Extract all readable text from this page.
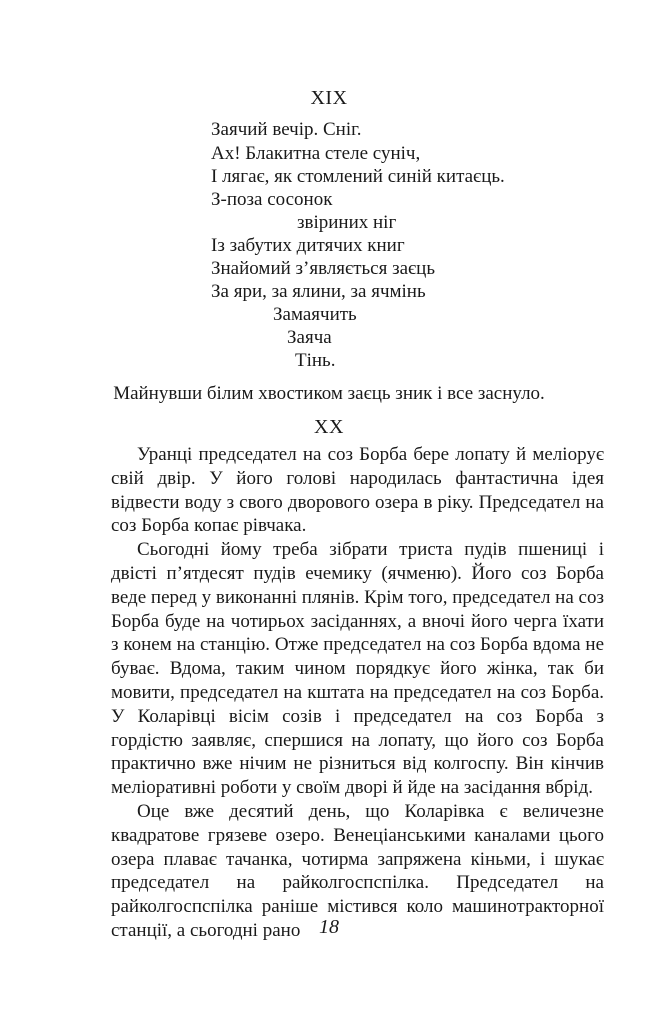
XIX
Заячий вечір. Сніг.
Ах! Блакитна стеле суніч,
І лягає, як стомлений синій китаєць.
З-поза сосонок
звіриних ніг
Із забутих дитячих книг
Знайомий з’являється заєць
За яри, за ялини, за ячмінь
Замаячить
Заяча
Тінь.
Майнувши білим хвостиком заєць зник і все заснуло.
XX

Уранці председател на соз Борба бере лопату й меліорує свій двір. У його голові народилась фантастична ідея відвести воду з свого дворового озера в ріку. Председател на соз Борба копає рівчака.

Сьогодні йому треба зібрати триста пудів пшениці і двісті п’ятдесят пудів ечемику (ячменю). Його соз Борба веде перед у виконанні плянів. Крім того, председател на соз Борба буде на чотирьох засіданнях, а вночі його черга їхати з конем на станцію. Отже председател на соз Борба вдома не буває. Вдома, таким чином порядкує його жінка, так би мовити, председател на кштата на председател на соз Борба. У Коларівці вісім созів і председател на соз Борба з гордістю заявляє, спершися на лопату, що його соз Борба практично вже нічим не різниться від колгоспу. Він кінчив меліоративні роботи у своїм дворі й йде на засідання вбрід.

Оце вже десятий день, що Коларівка є величезне квадратове грязеве озеро. Венеціанськими каналами цього озера плаває тачанка, чотирма запряжена кіньми, і шукає председател на райколгоспспілка. Председател на райколгоспспілка раніше містився коло машинотракторної станції, а сьогодні рано 18
